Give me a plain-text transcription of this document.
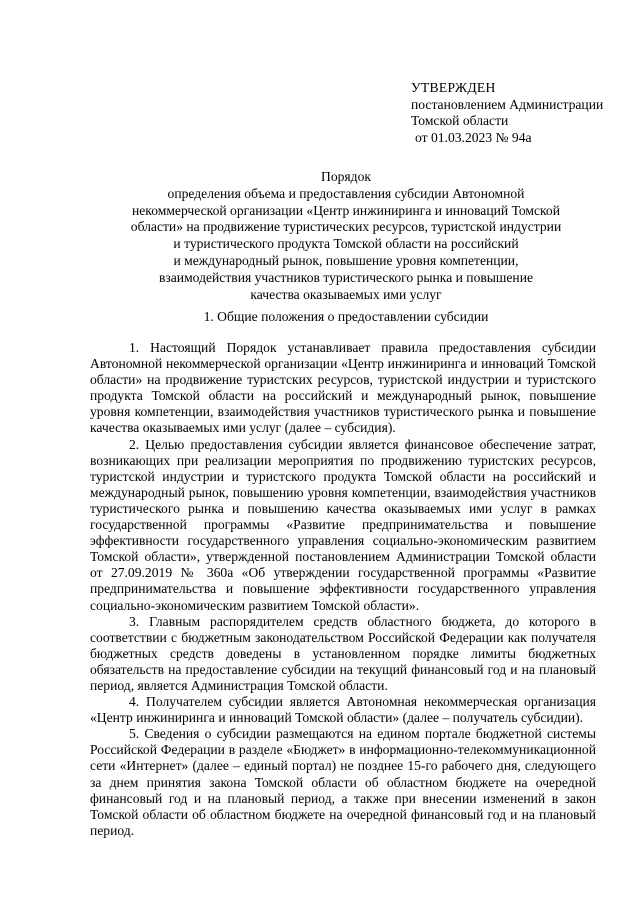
УТВЕРЖДЕН
постановлением Администрации
Томской области
от 01.03.2023 № 94а
Порядок
определения объема и предоставления субсидии Автономной
некоммерческой организации «Центр инжиниринга и инноваций Томской
области» на продвижение туристических ресурсов, туристской индустрии
и туристического продукта Томской области на российский
и международный рынок, повышение уровня компетенции,
взаимодействия участников туристического рынка и повышение
качества оказываемых ими услуг
1. Общие положения о предоставлении субсидии

1. Настоящий Порядок устанавливает правила предоставления субсидии Автономной некоммерческой организации «Центр инжиниринга и инноваций Томской области» на продвижение туристских ресурсов, туристской индустрии и туристского продукта Томской области на российский и международный рынок, повышение уровня компетенции, взаимодействия участников туристического рынка и повышение качества оказываемых ими услуг (далее – субсидия).

2. Целью предоставления субсидии является финансовое обеспечение затрат, возникающих при реализации мероприятия по продвижению туристских ресурсов, туристской индустрии и туристского продукта Томской области на российский и международный рынок, повышению уровня компетенции, взаимодействия участников туристического рынка и повышению качества оказываемых ими услуг в рамках государственной программы «Развитие предпринимательства и повышение эффективности государственного управления социально-экономическим развитием Томской области», утвержденной постановлением Администрации Томской области от 27.09.2019 № 360а «Об утверждении государственной программы «Развитие предпринимательства и повышение эффективности государственного управления социально-экономическим развитием Томской области».

3. Главным распорядителем средств областного бюджета, до которого в соответствии с бюджетным законодательством Российской Федерации как получателя бюджетных средств доведены в установленном порядке лимиты бюджетных обязательств на предоставление субсидии на текущий финансовый год и на плановый период, является Администрация Томской области.

4. Получателем субсидии является Автономная некоммерческая организация «Центр инжиниринга и инноваций Томской области» (далее – получатель субсидии).

5. Сведения о субсидии размещаются на едином портале бюджетной системы Российской Федерации в разделе «Бюджет» в информационно-телекоммуникационной сети «Интернет» (далее – единый портал) не позднее 15-го рабочего дня, следующего за днем принятия закона Томской области об областном бюджете на очередной финансовый год и на плановый период, а также при внесении изменений в закон Томской области об областном бюджете на очередной финансовый год и на плановый период.
